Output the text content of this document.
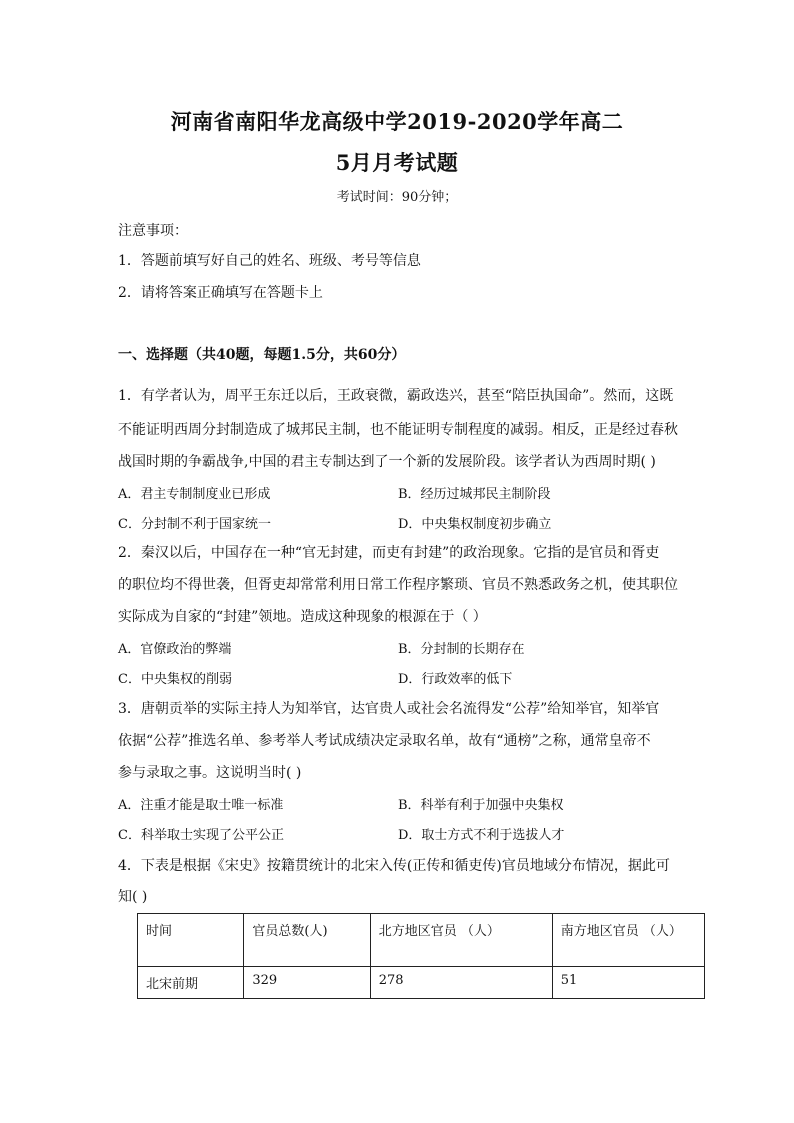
河南省南阳华龙高级中学2019-2020学年高二
5月月考试题
考试时间：90分钟；
注意事项：
1．答题前填写好自己的姓名、班级、考号等信息
2．请将答案正确填写在答题卡上
一、选择题（共40题，每题1.5分，共60分）
1．有学者认为，周平王东迁以后，王政衰微，霸政迭兴，甚至“陪臣执国命”。然而，这既
不能证明西周分封制造成了城邦民主制，也不能证明专制程度的减弱。相反，正是经过春秋
战国时期的争霸战争,中国的君主专制达到了一个新的发展阶段。该学者认为西周时期( )
A．君主专制制度业已形成	B．经历过城邦民主制阶段
C．分封制不利于国家统一	D．中央集权制度初步确立
2．秦汉以后，中国存在一种“官无封建，而吏有封建”的政治现象。它指的是官员和胥吏
的职位均不得世袭，但胥吏却常常利用日常工作程序繁琐、官员不熟悉政务之机，使其职位
实际成为自家的“封建”领地。造成这种现象的根源在于（ ）
A．官僚政治的弊端	B．分封制的长期存在
C．中央集权的削弱	D．行政效率的低下
3．唐朝贡举的实际主持人为知举官，达官贵人或社会名流得发“公荐”给知举官，知举官
依据“公荐”推选名单、参考举人考试成绩决定录取名单，故有“通榜”之称，通常皇帝不
参与录取之事。这说明当时( )
A．注重才能是取士唯一标准	B．科举有利于加强中央集权
C．科举取士实现了公平公正	D．取士方式不利于选拔人才
4．下表是根据《宋史》按籍贯统计的北宋入传(正传和循吏传)官员地域分布情况，据此可
知( )
时间	官员总数(人)	北方地区官员 （人）	南方地区官员 （人）
北宋前期	329	278	51
